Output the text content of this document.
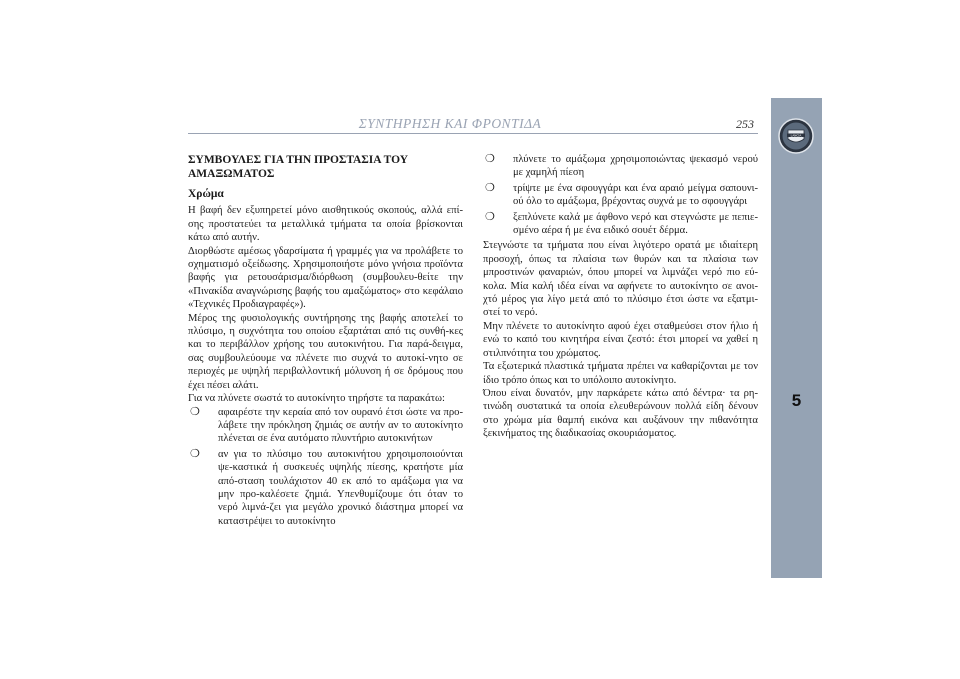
ΣΥΝΤΗΡΗΣΗ ΚΑΙ ΦΡΟΝΤΙΔΑ	253
LANCIA
5
ΣΥΜΒΟΥΛΕΣ ΓΙΑ ΤΗΝ ΠΡΟΣΤΑΣΙΑ ΤΟΥ ΑΜΑΞΩΜΑΤΟΣ
Χρώμα

Η βαφή δεν εξυπηρετεί μόνο αισθητικούς σκοπούς, αλλά επί-σης προστατεύει τα μεταλλικά τμήματα τα οποία βρίσκονται κάτω από αυτήν.

Διορθώστε αμέσως γδαρσίματα ή γραμμές για να προλάβετε το σχηματισμό οξείδωσης. Χρησιμοποιήστε μόνο γνήσια προϊόντα βαφής για ρετουσάρισμα/διόρθωση (συμβουλευ-θείτε την «Πινακίδα αναγνώρισης βαφής του αμαξώματος» στο κεφάλαιο «Τεχνικές Προδιαγραφές»).

Μέρος της φυσιολογικής συντήρησης της βαφής αποτελεί το πλύσιμο, η συχνότητα του οποίου εξαρτάται από τις συνθή-κες και το περιβάλλον χρήσης του αυτοκινήτου. Για παρά-δειγμα, σας συμβουλεύουμε να πλένετε πιο συχνά το αυτοκί-νητο σε περιοχές με υψηλή περιβαλλοντική μόλυνση ή σε δρόμους που έχει πέσει αλάτι.

Για να πλύνετε σωστά το αυτοκίνητο τηρήστε τα παρακάτω:

❍ αφαιρέστε την κεραία από τον ουρανό έτσι ώστε να προ-λάβετε την πρόκληση ζημιάς σε αυτήν αν το αυτοκίνητο πλένεται σε ένα αυτόματο πλυντήριο αυτοκινήτων
❍ αν για το πλύσιμο του αυτοκινήτου χρησιμοποιούνται ψε-καστικά ή συσκευές υψηλής πίεσης, κρατήστε μία από-σταση τουλάχιστον 40 εκ από το αμάξωμα για να μην προ-καλέσετε ζημιά. Υπενθυμίζουμε ότι όταν το νερό λιμνά-ζει για μεγάλο χρονικό διάστημα μπορεί να καταστρέψει το αυτοκίνητο
❍ πλύνετε το αμάξωμα χρησιμοποιώντας ψεκασμό νερού με χαμηλή πίεση
❍ τρίψτε με ένα σφουγγάρι και ένα αραιό μείγμα σαπουνι-ού όλο το αμάξωμα, βρέχοντας συχνά με το σφουγγάρι
❍ ξεπλύνετε καλά με άφθονο νερό και στεγνώστε με πεπιε-σμένο αέρα ή με ένα ειδικό σουέτ δέρμα.

Στεγνώστε τα τμήματα που είναι λιγότερο ορατά με ιδιαίτερη προσοχή, όπως τα πλαίσια των θυρών και τα πλαίσια των μπροστινών φαναριών, όπου μπορεί να λιμνάζει νερό πιο εύ-κολα. Μία καλή ιδέα είναι να αφήνετε το αυτοκίνητο σε ανοι-χτό μέρος για λίγο μετά από το πλύσιμο έτσι ώστε να εξατμι-στεί το νερό.

Μην πλένετε το αυτοκίνητο αφού έχει σταθμεύσει στον ήλιο ή ενώ το καπό του κινητήρα είναι ζεστό: έτσι μπορεί να χαθεί η στιλπνότητα του χρώματος.

Τα εξωτερικά πλαστικά τμήματα πρέπει να καθαρίζονται με τον ίδιο τρόπο όπως και το υπόλοιπο αυτοκίνητο.

Όπου είναι δυνατόν, μην παρκάρετε κάτω από δέντρα· τα ρη-τινώδη συστατικά τα οποία ελευθερώνουν πολλά είδη δένουν στο χρώμα μία θαμπή εικόνα και αυξάνουν την πιθανότητα ξεκινήματος της διαδικασίας σκουριάσματος.
